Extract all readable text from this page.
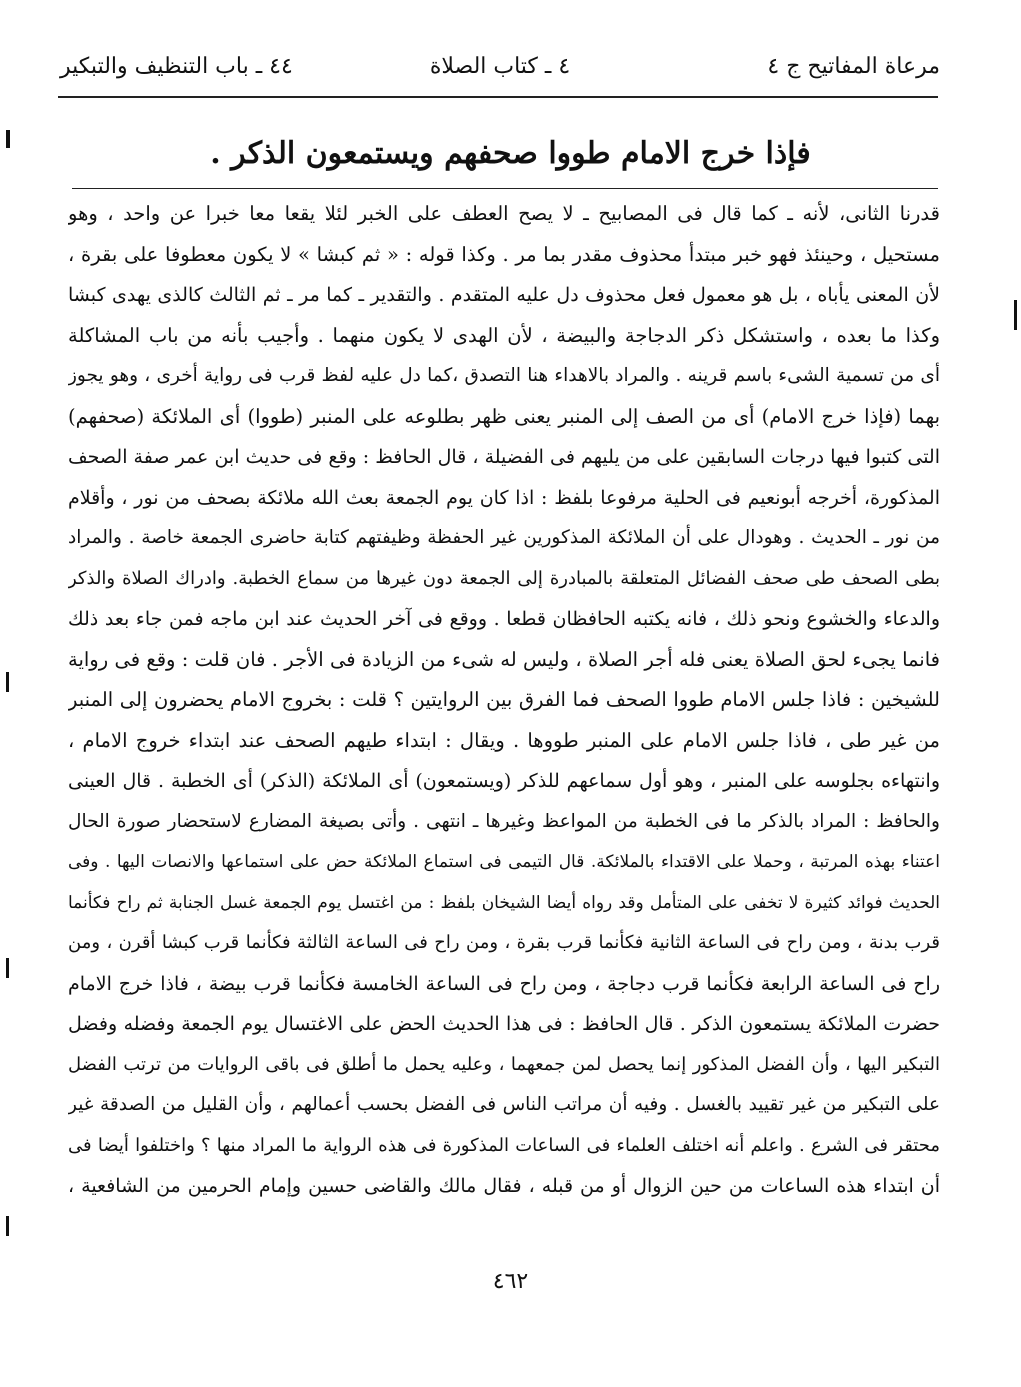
مرعاة المفاتيح ج ٤
٤ ـ كتاب الصلاة
٤٤ ـ باب التنظيف والتبكير
فإذا خرج الامام طووا صحفهم ويستمعون الذكر .
قدرنا الثانى، لأنه ـ كما قال فى المصابيح ـ لا يصح العطف على الخبر لئلا يقعا معا خبرا عن واحد ، وهو
مستحيل ، وحينئذ فهو خبر مبتدأ محذوف مقدر بما مر . وكذا قوله : « ثم كبشا » لا يكون معطوفا على بقرة ،
لأن المعنى يأباه ، بل هو معمول فعل محذوف دل عليه المتقدم . والتقدير ـ كما مر ـ ثم الثالث كالذى يهدى كبشا
وكذا ما بعده ، واستشكل ذكر الدجاجة والبيضة ، لأن الهدى لا يكون منهما . وأجيب بأنه من باب المشاكلة
أى من تسمية الشىء باسم قرينه . والمراد بالاهداء هنا التصدق ،كما دل عليه لفظ قرب فى رواية أخرى ، وهو يجوز
بهما (فإذا خرج الامام) أى من الصف إلى المنبر يعنى ظهر بطلوعه على المنبر (طووا) أى الملائكة (صحفهم)
التى كتبوا فيها درجات السابقين على من يليهم فى الفضيلة ، قال الحافظ : وقع فى حديث ابن عمر صفة الصحف
المذكورة، أخرجه أبونعيم فى الحلية مرفوعا بلفظ : اذا كان يوم الجمعة بعث الله ملائكة بصحف من نور ، وأقلام
من نور ـ الحديث . وهودال على أن الملائكة المذكورين غير الحفظة وظيفتهم كتابة حاضرى الجمعة خاصة . والمراد
بطى الصحف طى صحف الفضائل المتعلقة بالمبادرة إلى الجمعة دون غيرها من سماع الخطبة. وادراك الصلاة والذكر
والدعاء والخشوع ونحو ذلك ، فانه يكتبه الحافظان قطعا . ووقع فى آخر الحديث عند ابن ماجه فمن جاء بعد ذلك
فانما يجىء لحق الصلاة يعنى فله أجر الصلاة ، وليس له شىء من الزيادة فى الأجر . فان قلت : وقع فى رواية
للشيخين : فاذا جلس الامام طووا الصحف فما الفرق بين الروايتين ؟ قلت : بخروج الامام يحضرون إلى المنبر
من غير طى ، فاذا جلس الامام على المنبر طووها . ويقال : ابتداء طيهم الصحف عند ابتداء خروج الامام ،
وانتهاءه بجلوسه على المنبر ، وهو أول سماعهم للذكر (ويستمعون) أى الملائكة (الذكر) أى الخطبة . قال العينى
والحافظ : المراد بالذكر ما فى الخطبة من المواعظ وغيرها ـ انتهى . وأتى بصيغة المضارع لاستحضار صورة الحال
اعتناء بهذه المرتبة ، وحملا على الاقتداء بالملائكة. قال التيمى فى استماع الملائكة حض على استماعها والانصات اليها . وفى
الحديث فوائد كثيرة لا تخفى على المتأمل وقد رواه أيضا الشيخان بلفظ : من اغتسل يوم الجمعة غسل الجنابة ثم راح فكأنما
قرب بدنة ، ومن راح فى الساعة الثانية فكأنما قرب بقرة ، ومن راح فى الساعة الثالثة فكأنما قرب كبشا أقرن ، ومن
راح فى الساعة الرابعة فكأنما قرب دجاجة ، ومن راح فى الساعة الخامسة فكأنما قرب بيضة ، فاذا خرج الامام
حضرت الملائكة يستمعون الذكر . قال الحافظ : فى هذا الحديث الحض على الاغتسال يوم الجمعة وفضله وفضل
التبكير اليها ، وأن الفضل المذكور إنما يحصل لمن جمعهما ، وعليه يحمل ما أطلق فى باقى الروايات من ترتب الفضل
على التبكير من غير تقييد بالغسل . وفيه أن مراتب الناس فى الفضل بحسب أعمالهم ، وأن القليل من الصدقة غير
محتقر فى الشرع . واعلم أنه اختلف العلماء فى الساعات المذكورة فى هذه الرواية ما المراد منها ؟ واختلفوا أيضا فى
أن ابتداء هذه الساعات من حين الزوال أو من قبله ، فقال مالك والقاضى حسين وإمام الحرمين من الشافعية ،
٤٦٢
